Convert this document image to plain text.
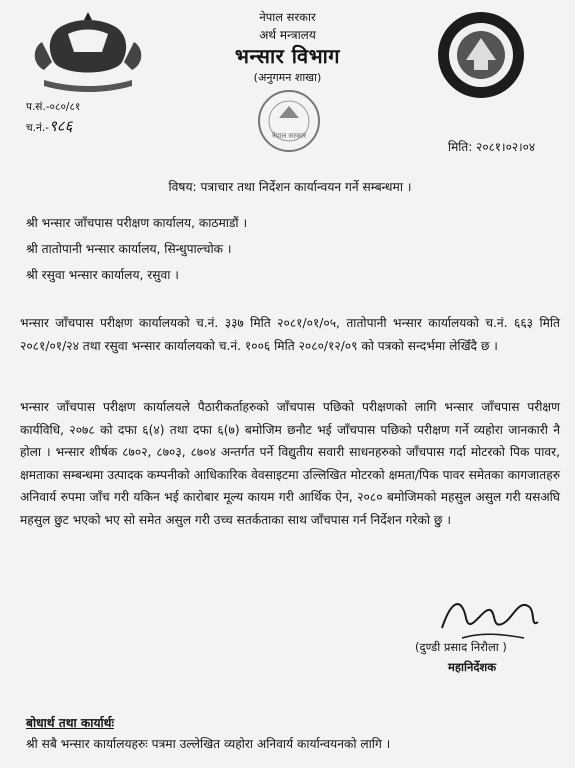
नेपाल सरकार
अर्थ मन्त्रालय
भन्सार विभाग
(अनुगमन शाखा)
नेपाल सरकार
प.सं.-०८०/८१
च.नं.-९८६
मिति: २०८१।०२।०४
विषय: पत्राचार तथा निर्देशन कार्यान्वयन गर्ने सम्बन्धमा ।
श्री भन्सार जाँचपास परीक्षण कार्यालय, काठमाडौं ।
श्री तातोपानी भन्सार कार्यालय, सिन्धुपाल्चोक ।
श्री रसुवा भन्सार कार्यालय, रसुवा ।
भन्सार जाँचपास परीक्षण कार्यालयको च.नं. ३३७ मिति २०८१/०१/०५, तातोपानी भन्सार कार्यालयको च.नं. ६६३ मिति २०८१/०१/२४ तथा रसुवा भन्सार कार्यालयको च.नं. १००६ मिति २०८०/१२/०९ को पत्रको सन्दर्भमा लेखिँदै छ ।
भन्सार जाँचपास परीक्षण कार्यालयले पैठारीकर्ताहरुको जाँचपास पछिको परीक्षणको लागि भन्सार जाँचपास परीक्षण कार्यविधि, २०७८ को दफा ६(४) तथा दफा ६(७) बमोजिम छनौट भई जाँचपास पछिको परीक्षण गर्ने व्यहोरा जानकारी नै होला । भन्सार शीर्षक ८७०२, ८७०३, ८७०४ अन्तर्गत पर्ने विद्युतीय सवारी साधनहरुको जाँचपास गर्दा मोटरको पिक पावर, क्षमताका सम्बन्धमा उत्पादक कम्पनीको आधिकारिक वेवसाइटमा उल्लिखित मोटरको क्षमता/पिक पावर समेतका कागजातहरु अनिवार्य रुपमा जाँच गरी यकिन भई कारोबार मूल्य कायम गरी आर्थिक ऐन, २०८० बमोजिमको महसुल असुल गरी यसअघि महसुल छुट भएको भए सो समेत असुल गरी उच्च सतर्कताका साथ जाँचपास गर्न निर्देशन गरेको छु ।
(दुण्डी प्रसाद निरौला )
महानिर्देशक
बोधार्थ तथा कार्यार्थः
श्री सबै भन्सार कार्यालयहरुः पत्रमा उल्लेखित व्यहोरा अनिवार्य कार्यान्वयनको लागि ।
